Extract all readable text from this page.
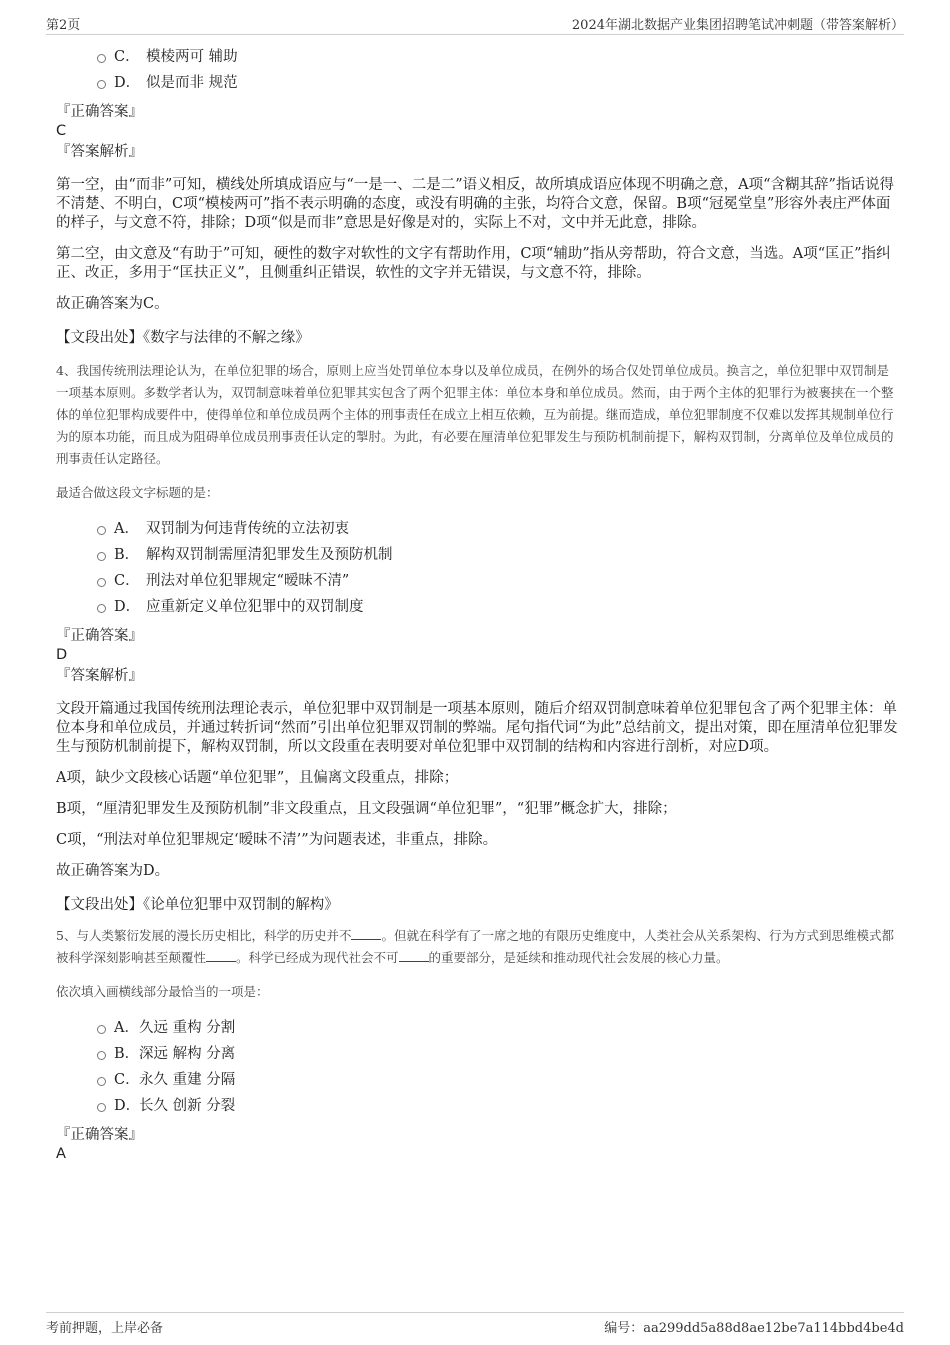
第2页	2024年湖北数据产业集团招聘笔试冲刺题（带答案解析）
C． 模棱两可 辅助
D． 似是而非 规范
『正确答案』
C
『答案解析』

第一空，由“而非”可知，横线处所填成语应与“一是一、二是二”语义相反，故所填成语应体现不明确之意，A项“含糊其辞”指话说得不清楚、不明白，C项“模棱两可”指不表示明确的态度，或没有明确的主张，均符合文意，保留。B项“冠冕堂皇”形容外表庄严体面的样子，与文意不符，排除；D项“似是而非”意思是好像是对的，实际上不对，文中并无此意，排除。

第二空，由文意及“有助于”可知，硬性的数字对软性的文字有帮助作用，C项“辅助”指从旁帮助，符合文意，当选。A项“匡正”指纠正、改正，多用于“匡扶正义”，且侧重纠正错误，软性的文字并无错误，与文意不符，排除。

故正确答案为C。

【文段出处】《数字与法律的不解之缘》

4、我国传统刑法理论认为，在单位犯罪的场合，原则上应当处罚单位本身以及单位成员，在例外的场合仅处罚单位成员。换言之，单位犯罪中双罚制是一项基本原则。多数学者认为，双罚制意味着单位犯罪其实包含了两个犯罪主体：单位本身和单位成员。然而，由于两个主体的犯罪行为被裹挟在一个整体的单位犯罪构成要件中，使得单位和单位成员两个主体的刑事责任在成立上相互依赖，互为前提。继而造成，单位犯罪制度不仅难以发挥其规制单位行为的原本功能，而且成为阻碍单位成员刑事责任认定的掣肘。为此，有必要在厘清单位犯罪发生与预防机制前提下，解构双罚制，分离单位及单位成员的刑事责任认定路径。

最适合做这段文字标题的是：

A． 双罚制为何违背传统的立法初衷
B． 解构双罚制需厘清犯罪发生及预防机制
C． 刑法对单位犯罪规定“暧昧不清”
D． 应重新定义单位犯罪中的双罚制度
『正确答案』
D
『答案解析』

文段开篇通过我国传统刑法理论表示，单位犯罪中双罚制是一项基本原则，随后介绍双罚制意味着单位犯罪包含了两个犯罪主体：单位本身和单位成员，并通过转折词“然而”引出单位犯罪双罚制的弊端。尾句指代词“为此”总结前文，提出对策，即在厘清单位犯罪发生与预防机制前提下，解构双罚制，所以文段重在表明要对单位犯罪中双罚制的结构和内容进行剖析，对应D项。

A项，缺少文段核心话题“单位犯罪”，且偏离文段重点，排除；

B项，“厘清犯罪发生及预防机制”非文段重点，且文段强调“单位犯罪”，“犯罪”概念扩大，排除；

C项，“刑法对单位犯罪规定‘暧昧不清’”为问题表述，非重点，排除。

故正确答案为D。

【文段出处】《论单位犯罪中双罚制的解构》

5、与人类繁衍发展的漫长历史相比，科学的历史并不 。但就在科学有了一席之地的有限历史维度中，人类社会从关系架构、行为方式到思维模式都被科学深刻影响甚至颠覆性 。科学已经成为现代社会不可 的重要部分，是延续和推动现代社会发展的核心力量。

依次填入画横线部分最恰当的一项是：

A． 久远 重构 分割
B． 深远 解构 分离
C． 永久 重建 分隔
D．
长久 创新 分裂
『正确答案』
A
考前押题，上岸必备	编号：aa299dd5a88d8ae12be7a114bbd4be4d
